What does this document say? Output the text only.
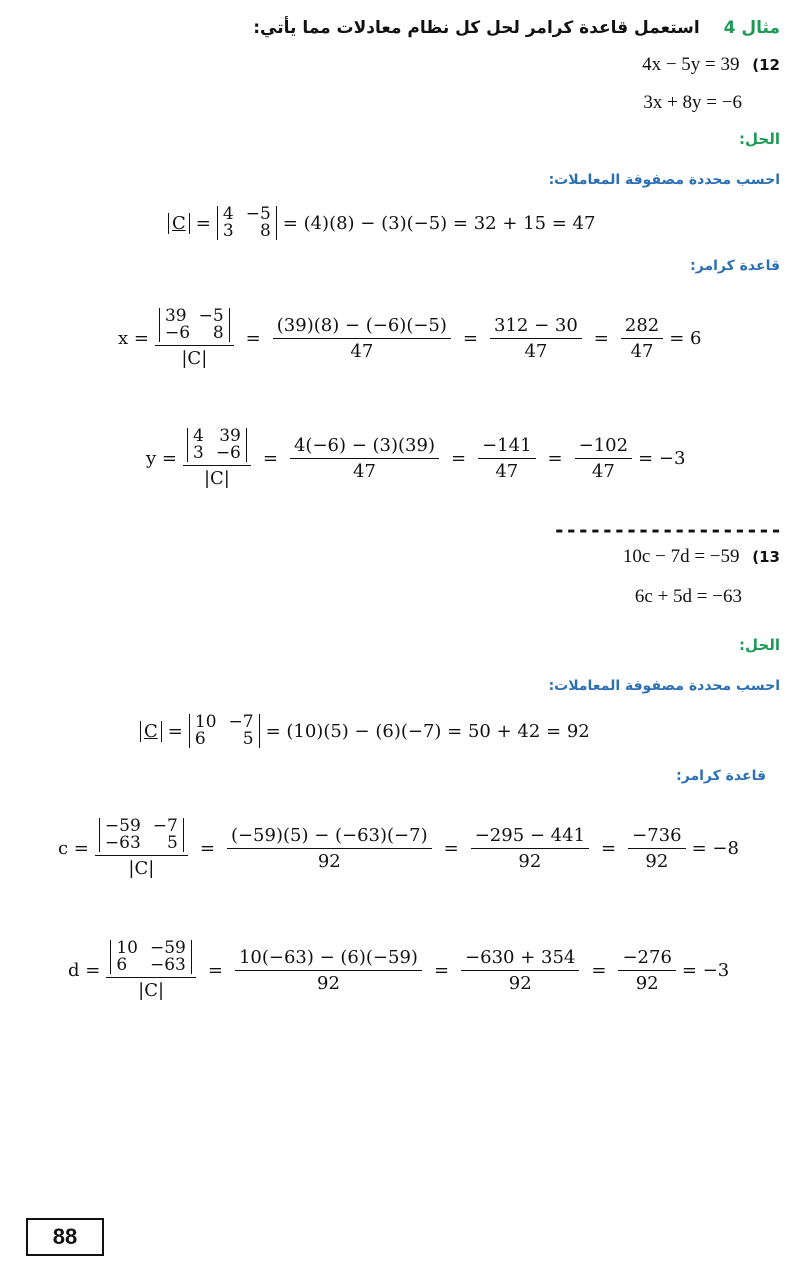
مثال 4 استعمل قاعدة كرامر لحل كل نظام معادلات مما يأتي:
4x − 5y = 39 (12
3x + 8y = −6
الحل:
احسب محددة مصفوفة المعاملات:
C = 4 −5
3 8 = (4)(8) − (3)(−5) = 32 + 15 = 47
قاعدة كرامر:
x = 39 −5
−6 8
$|C| = \frac{(39)(8) - (-6)(-5)}{47} = \frac{312 - 30}{47} = \frac{282}{47} = 6$
y = 4 39
3 −6
$|C| = \frac{4(-6) - (3)(39)}{47} = \frac{-141}{47} = \frac{-102}{47} = -3$
-------------------
10c − 7d = −59 (13
6c + 5d = −63
الحل:
احسب محددة مصفوفة المعاملات:
C = 10 −7
6 5 = (10)(5) − (6)(−7) = 50 + 42 = 92
قاعدة كرامر:
c = −59 −7
−63 5
$|C| = \frac{(-59)(5) - (-63)(-7)}{92} = \frac{-295 - 441}{92} = \frac{-736}{92} = -8$
d = 10 −59
6 −63
$|C| = \frac{10(-63) - (6)(-59)}{92} = \frac{-630 + 354}{92} = \frac{-276}{92} = -3$
88
